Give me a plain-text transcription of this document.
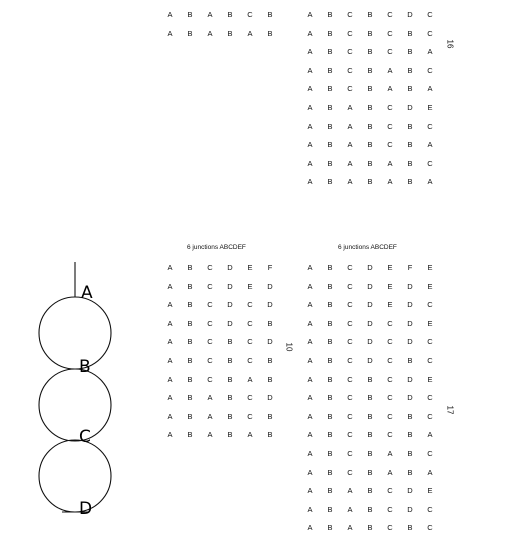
A
B
C
D
A	B	A	B	C	B
A	B	A	B	A	B
A	B	C	B	C	D	C
A	B	C	B	C	B	C
A	B	C	B	C	B	A
A	B	C	B	A	B	C
A	B	C	B	A	B	A
A	B	A	B	C	D	E
A	B	A	B	C	B	C
A	B	A	B	C	B	A
A	B	A	B	A	B	C
A	B	A	B	A	B	A
6 junctions ABCDEF
A	B	C	D	E	F
A	B	C	D	E	D
A	B	C	D	C	D
A	B	C	D	C	B
A	B	C	B	C	D
A	B	C	B	C	B
A	B	C	B	A	B
A	B	A	B	C	D
A	B	A	B	C	B
A	B	A	B	A	B
6 junctions ABCDEF
A	B	C	D	E	F	E
A	B	C	D	E	D	E
A	B	C	D	E	D	C
A	B	C	D	C	D	E
A	B	C	D	C	D	C
A	B	C	D	C	B	C
A	B	C	B	C	D	E
A	B	C	B	C	D	C
A	B	C	B	C	B	C
A	B	C	B	C	B	A
A	B	C	B	A	B	C
A	B	C	B	A	B	A
A	B	A	B	C	D	E
A	B	A	B	C	D	C
A	B	A	B	C	B	C
16
10
17
